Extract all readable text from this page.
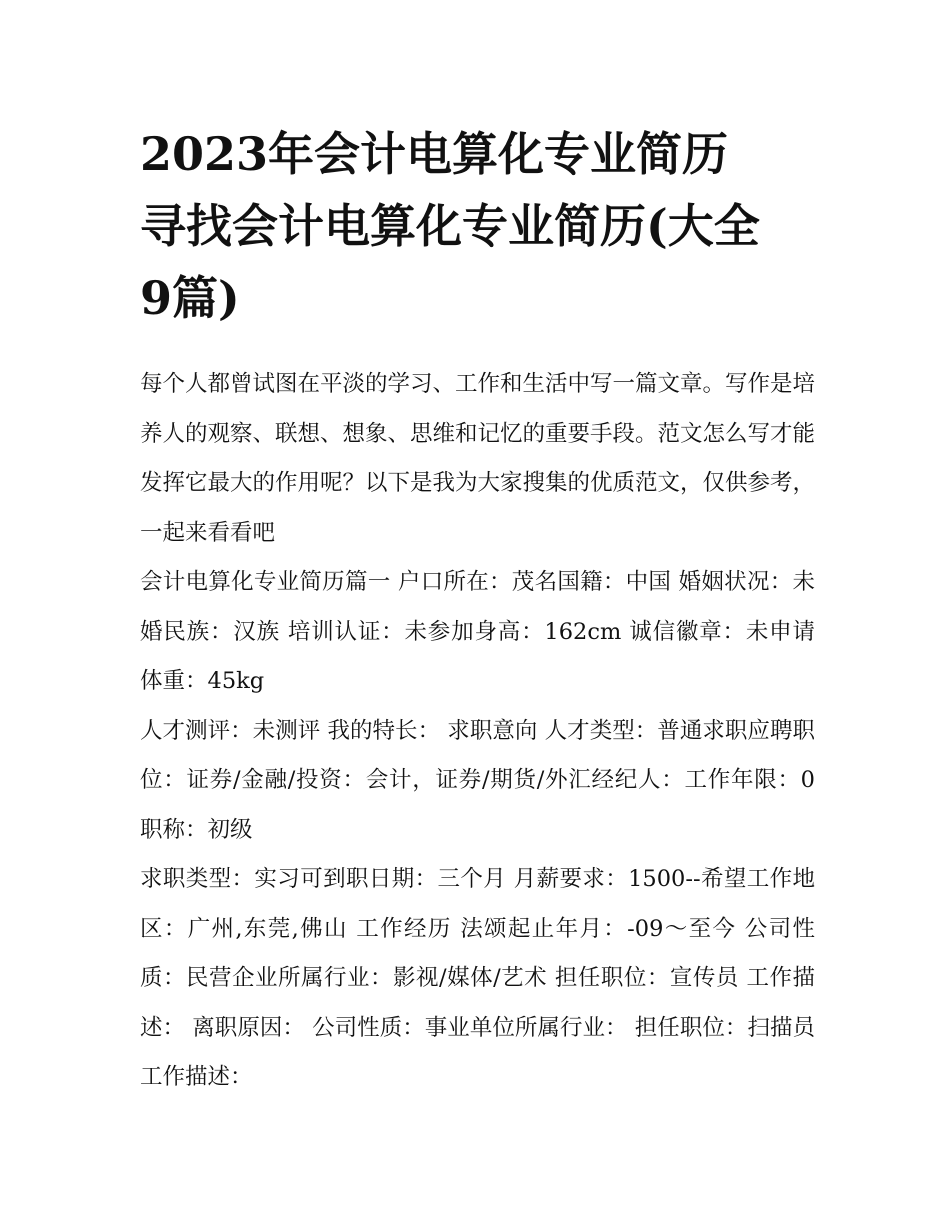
2023年会计电算化专业简历
寻找会计电算化专业简历(大全
9篇)

每个人都曾试图在平淡的学习、工作和生活中写一篇文章。写作是培养人的观察、联想、想象、思维和记忆的重要手段。范文怎么写才能发挥它最大的作用呢？以下是我为大家搜集的优质范文，仅供参考，一起来看看吧

会计电算化专业简历篇一 户口所在：茂名国籍：中国 婚姻状况：未婚民族：汉族 培训认证：未参加身高：162cm 诚信徽章：未申请体重：45kg

人才测评：未测评 我的特长： 求职意向 人才类型：普通求职应聘职位：证券/金融/投资：会计，证券/期货/外汇经纪人：工作年限：0 职称：初级

求职类型：实习可到职日期：三个月 月薪要求：1500--希望工作地区：广州,东莞,佛山 工作经历 法颂起止年月：-09～至今 公司性质：民营企业所属行业：影视/媒体/艺术 担任职位：宣传员 工作描述： 离职原因： 公司性质：事业单位所属行业： 担任职位：扫描员 工作描述：
